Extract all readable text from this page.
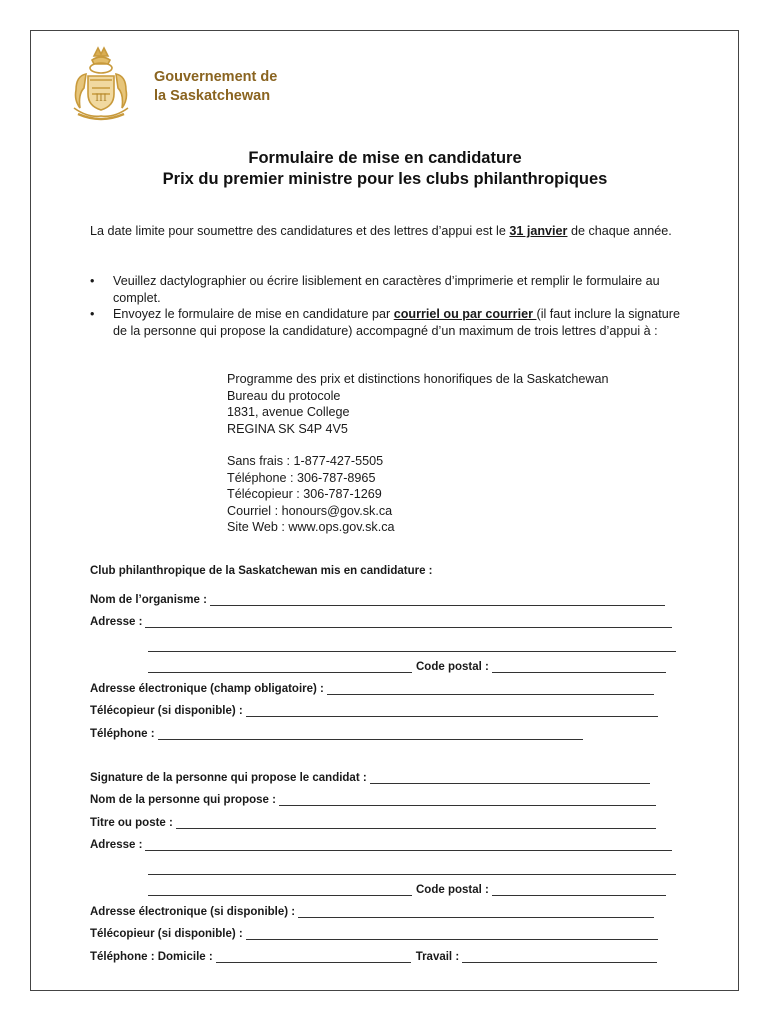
III
Gouvernement de
la Saskatchewan
Formulaire de mise en candidature
Prix du premier ministre pour les clubs philanthropiques
La date limite pour soumettre des candidatures et des lettres d’appui est le 31 janvier de chaque année.
• Veuillez dactylographier ou écrire lisiblement en caractères d’imprimerie et remplir le formulaire au complet.
• Envoyez le formulaire de mise en candidature par courriel ou par courrier (il faut inclure la signature de la personne qui propose la candidature) accompagné d’un maximum de trois lettres d’appui à :
Programme des prix et distinctions honorifiques de la Saskatchewan
Bureau du protocole
1831, avenue College
REGINA SK S4P 4V5
Sans frais : 1-877-427-5505
Téléphone : 306-787-8965
Télécopieur : 306-787-1269
Courriel : honours@gov.sk.ca
Site Web : www.ops.gov.sk.ca
Club philanthropique de la Saskatchewan mis en candidature :
Nom de l’organisme :
Adresse :
Code postal :
Adresse électronique (champ obligatoire) :
Télécopieur (si disponible) :
Téléphone :
Signature de la personne qui propose le candidat :
Nom de la personne qui propose :
Titre ou poste :
Adresse :
Code postal :
Adresse électronique (si disponible) :
Télécopieur (si disponible) :
Téléphone : Domicile :	Travail :
